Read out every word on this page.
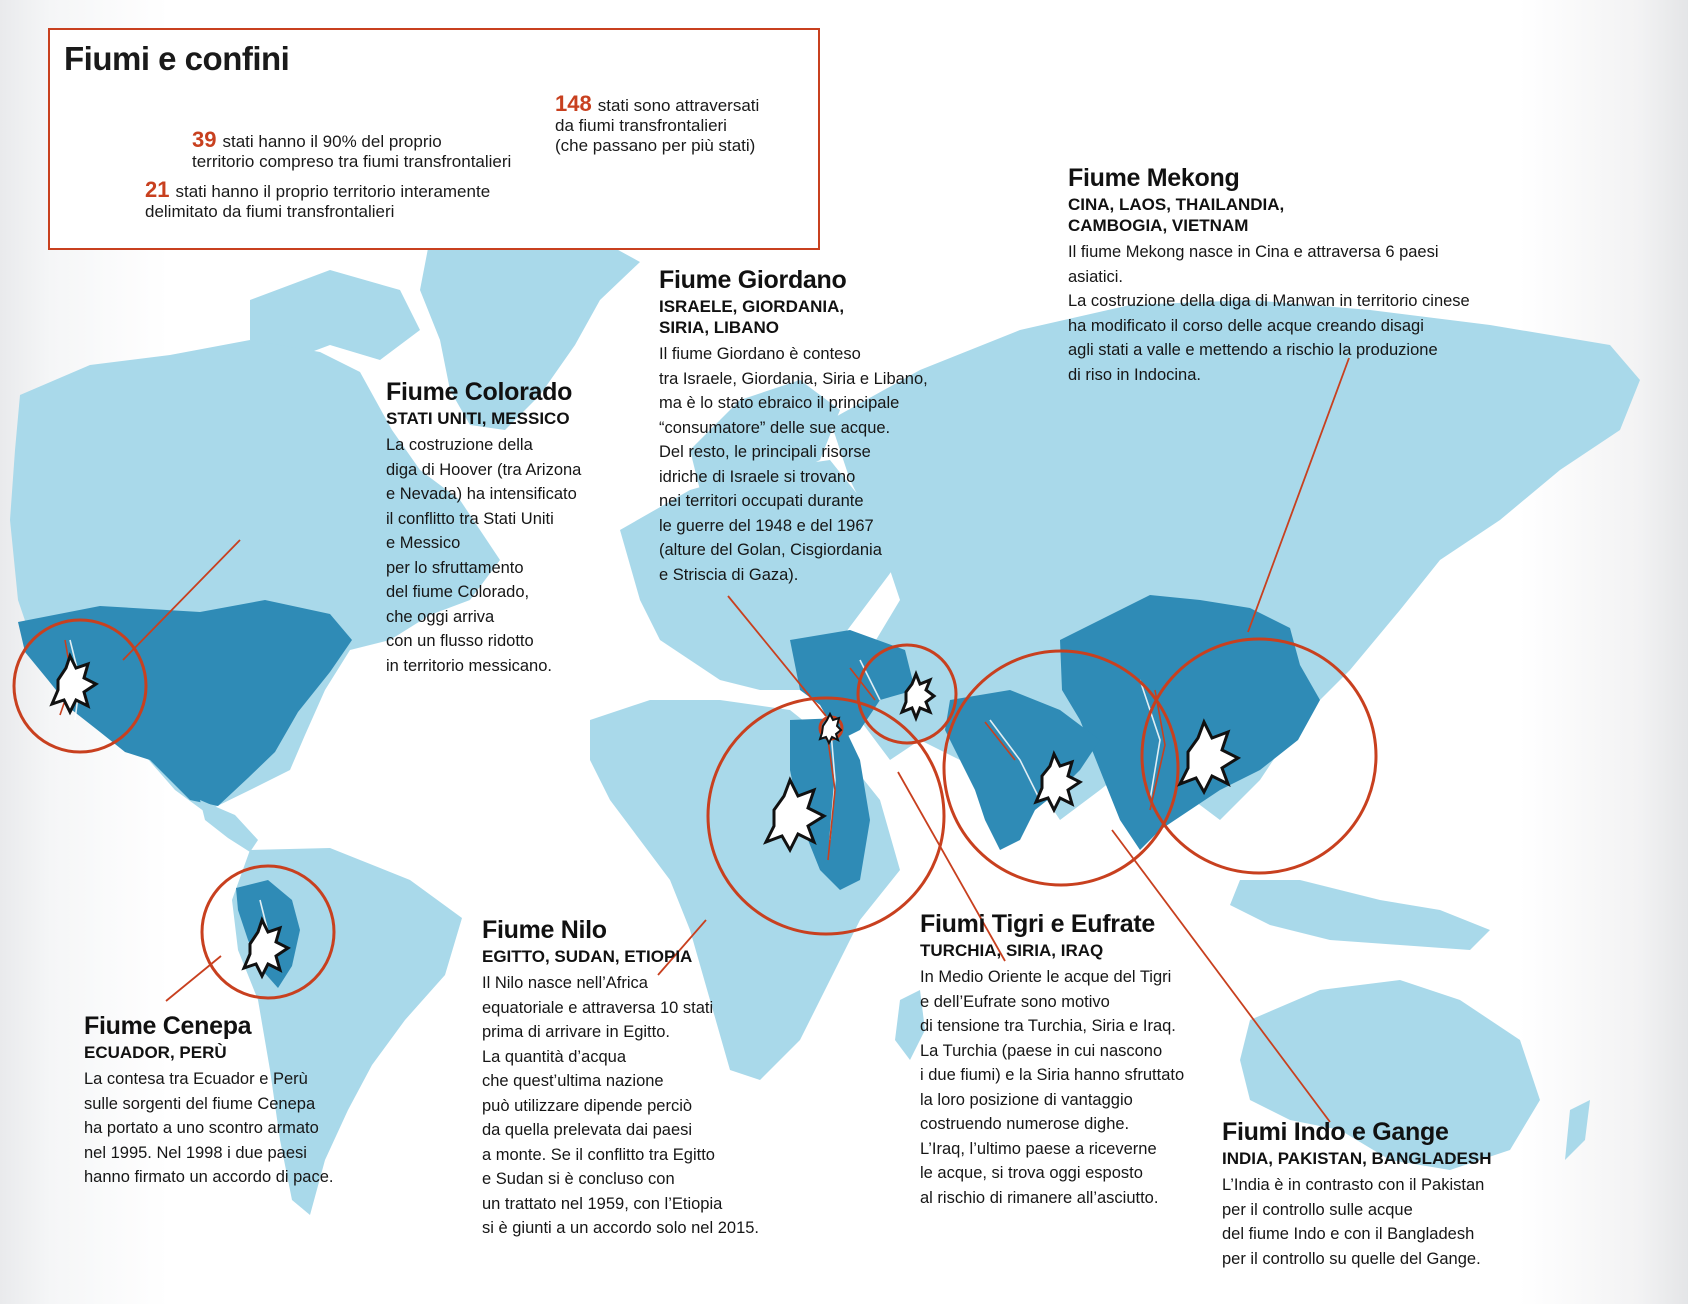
Fiumi e confini
148 stati sono attraversati
da fiumi transfrontalieri
(che passano per più stati)
39 stati hanno il 90% del proprio
territorio compreso tra fiumi transfrontalieri
21 stati hanno il proprio territorio interamente
delimitato da fiumi transfrontalieri
Fiume Colorado
STATI UNITI, MESSICO

La costruzione della
diga di Hoover (tra Arizona
e Nevada) ha intensificato
il conflitto tra Stati Uniti
e Messico
per lo sfruttamento
del fiume Colorado,
che oggi arriva
con un flusso ridotto
in territorio messicano.

Fiume Giordano
ISRAELE, GIORDANIA,
SIRIA, LIBANO

Il fiume Giordano è conteso
tra Israele, Giordania, Siria e Libano,
ma è lo stato ebraico il principale
“consumatore” delle sue acque.
Del resto, le principali risorse
idriche di Israele si trovano
nei territori occupati durante
le guerre del 1948 e del 1967
(alture del Golan, Cisgiordania
e Striscia di Gaza).

Fiume Mekong
CINA, LAOS, THAILANDIA,
CAMBOGIA, VIETNAM

Il fiume Mekong nasce in Cina e attraversa 6 paesi asiatici.
La costruzione della diga di Manwan in territorio cinese
ha modificato il corso delle acque creando disagi
agli stati a valle e mettendo a rischio la produzione
di riso in Indocina.

Fiume Cenepa
ECUADOR, PERÙ

La contesa tra Ecuador e Perù
sulle sorgenti del fiume Cenepa
ha portato a uno scontro armato
nel 1995. Nel 1998 i due paesi
hanno firmato un accordo di pace.

Fiume Nilo
EGITTO, SUDAN, ETIOPIA

Il Nilo nasce nell’Africa
equatoriale e attraversa 10 stati
prima di arrivare in Egitto.
La quantità d’acqua
che quest’ultima nazione
può utilizzare dipende perciò
da quella prelevata dai paesi
a monte. Se il conflitto tra Egitto
e Sudan si è concluso con
un trattato nel 1959, con l’Etiopia
si è giunti a un accordo solo nel 2015.

Fiumi Tigri e Eufrate
TURCHIA, SIRIA, IRAQ

In Medio Oriente le acque del Tigri
e dell’Eufrate sono motivo
di tensione tra Turchia, Siria e Iraq.
La Turchia (paese in cui nascono
i due fiumi) e la Siria hanno sfruttato
la loro posizione di vantaggio
costruendo numerose dighe.
L’Iraq, l’ultimo paese a riceverne
le acque, si trova oggi esposto
al rischio di rimanere all’asciutto.

Fiumi Indo e Gange
INDIA, PAKISTAN, BANGLADESH

L’India è in contrasto con il Pakistan
per il controllo sulle acque
del fiume Indo e con il Bangladesh
per il controllo su quelle del Gange.
